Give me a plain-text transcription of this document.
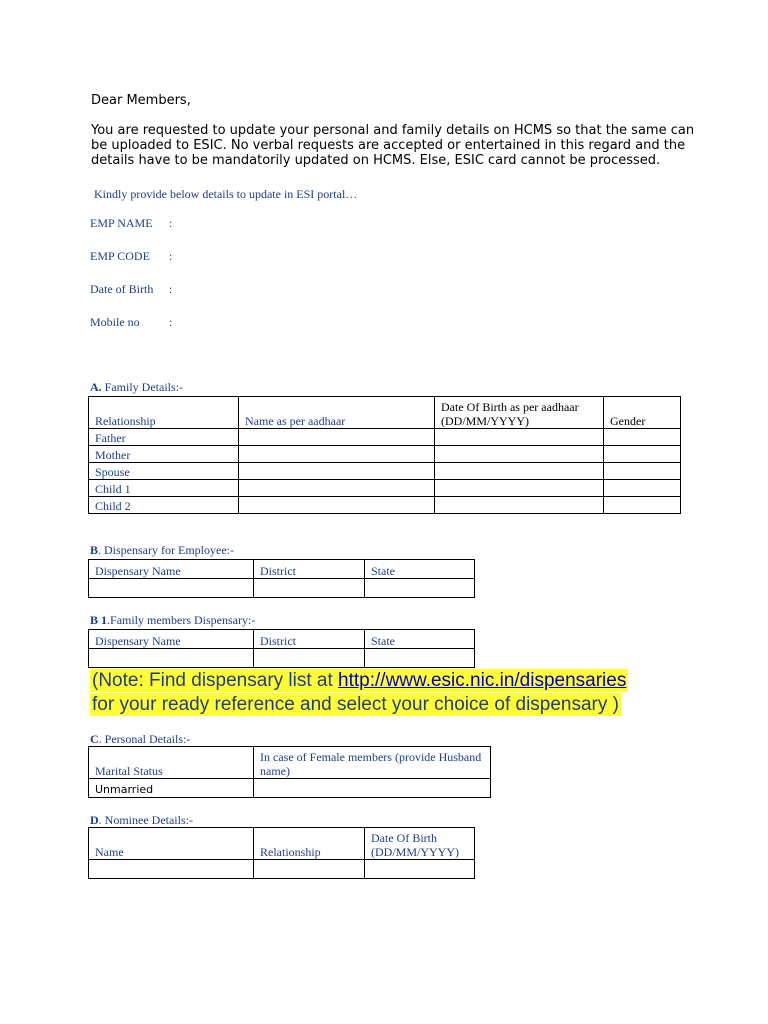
Dear Members,
You are requested to update your personal and family details on HCMS so that the same can
be uploaded to ESIC. No verbal requests are accepted or entertained in this regard and the
details have to be mandatorily updated on HCMS. Else, ESIC card cannot be processed.
Kindly provide below details to update in ESI portal…
EMP NAME :
EMP CODE :
Date of Birth :
Mobile no :
A. Family Details:-
Relationship	Name as per aadhaar	Date Of Birth as per aadhaar (DD/MM/YYYY)	Gender
Father			
Mother			
Spouse			
Child 1			
Child 2			
B. Dispensary for Employee:-
Dispensary Name	District	State

B 1.Family members Dispensary:-
Dispensary Name	District	State

(Note: Find dispensary list at http://www.esic.nic.in/dispensaries
for your ready reference and select your choice of dispensary )
C. Personal Details:-
Marital Status	In case of Female members (provide Husband name)
Unmarried	
D. Nominee Details:-
Name	Relationship	Date Of Birth (DD/MM/YYYY)
